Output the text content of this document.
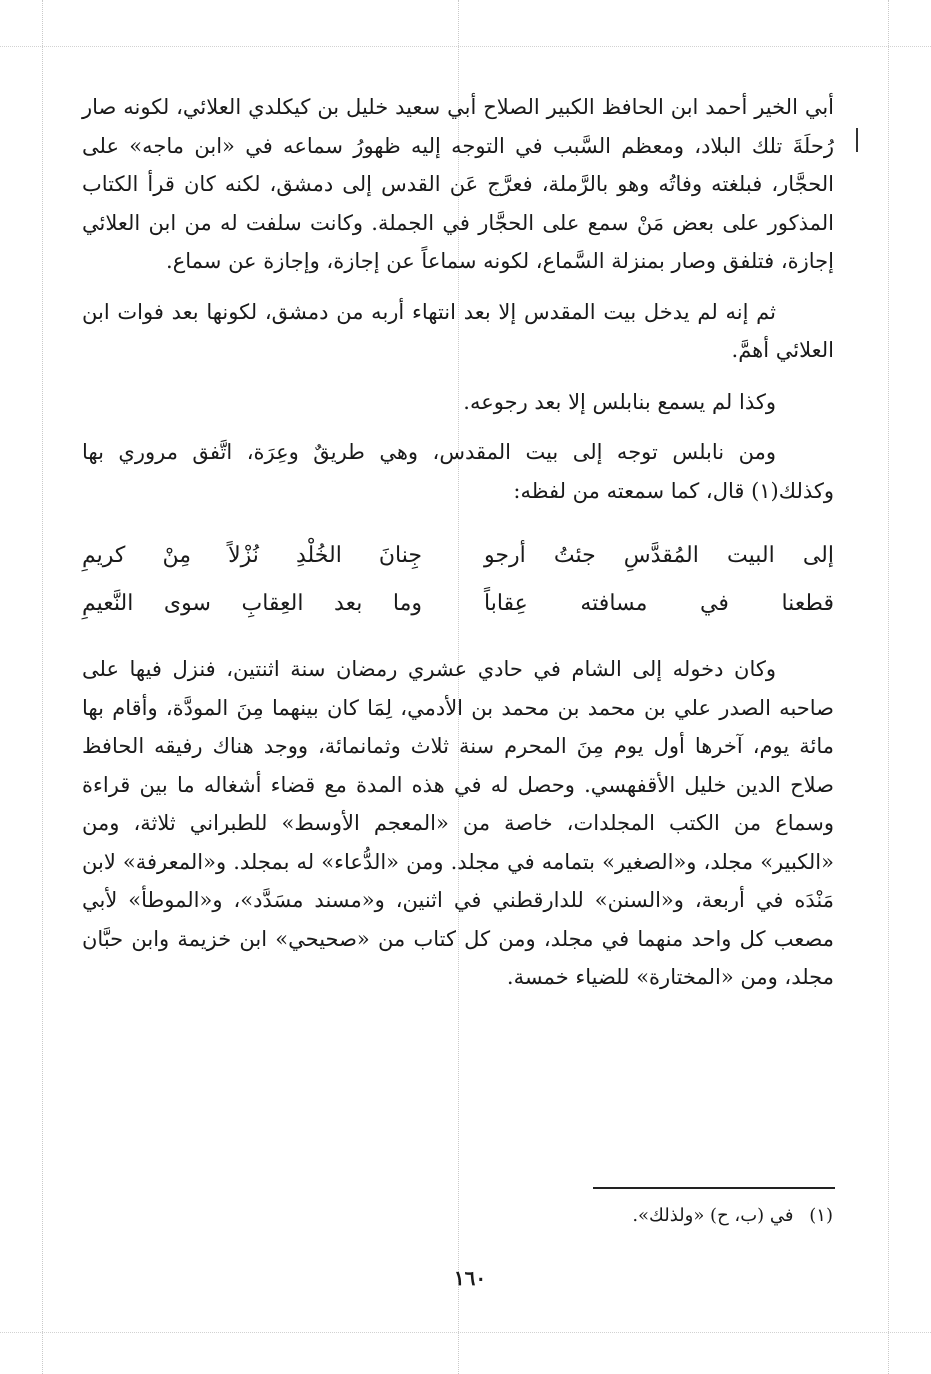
أبي الخير أحمد ابن الحافظ الكبير الصلاح أبي سعيد خليل بن كيكلدي العلائي، لكونه صار رُحلَةَ تلك البلاد، ومعظم السَّبب في التوجه إليه ظهورُ سماعه في «ابن ماجه» على الحجَّار، فبلغته وفاتُه وهو بالرَّملة، فعرَّج عَن القدس إلى دمشق، لكنه كان قرأ الكتاب المذكور على بعض مَنْ سمع على الحجَّار في الجملة. وكانت سلفت له من ابن العلائي إجازة، فتلفق وصار بمنزلة السَّماع، لكونه سماعاً عن إجازة، وإجازة عن سماع.

ثم إنه لم يدخل بيت المقدس إلا بعد انتهاء أربه من دمشق، لكونها بعد فوات ابن العلائي أهمَّ.

وكذا لم يسمع بنابلس إلا بعد رجوعه.

ومن نابلس توجه إلى بيت المقدس، وهي طريقٌ وعِرَة، اتَّفق مروري بها وكذلك(١) قال، كما سمعته من لفظه:

إلى البيت المُقدَّسِ جئتُ أرجو
جِنانَ الخُلْدِ نُزْلاً مِنْ كريمِ
قطعنا في مسافته عِقاباً
وما بعد العِقابِ سوى النَّعيمِ

وكان دخوله إلى الشام في حادي عشري رمضان سنة اثنتين، فنزل فيها على صاحبه الصدر علي بن محمد بن محمد بن الأدمي، لِمَا كان بينهما مِنَ المودَّة، وأقام بها مائة يوم، آخرها أول يوم مِنَ المحرم سنة ثلاث وثمانمائة، ووجد هناك رفيقه الحافظ صلاح الدين خليل الأقفهسي. وحصل له في هذه المدة مع قضاء أشغاله ما بين قراءة وسماع من الكتب المجلدات، خاصة من «المعجم الأوسط» للطبراني ثلاثة، ومن «الكبير» مجلد، و«الصغير» بتمامه في مجلد. ومن «الدُّعاء» له بمجلد. و«المعرفة» لابن مَنْدَه في أربعة، و«السنن» للدارقطني في اثنين، و«مسند مسَدَّد»، و«الموطأ» لأبي مصعب كل واحد منهما في مجلد، ومن كل كتاب من «صحيحي» ابن خزيمة وابن حبَّان مجلد، ومن «المختارة» للضياء خمسة.

(١) في (ب، ح) «ولذلك».
١٦٠
